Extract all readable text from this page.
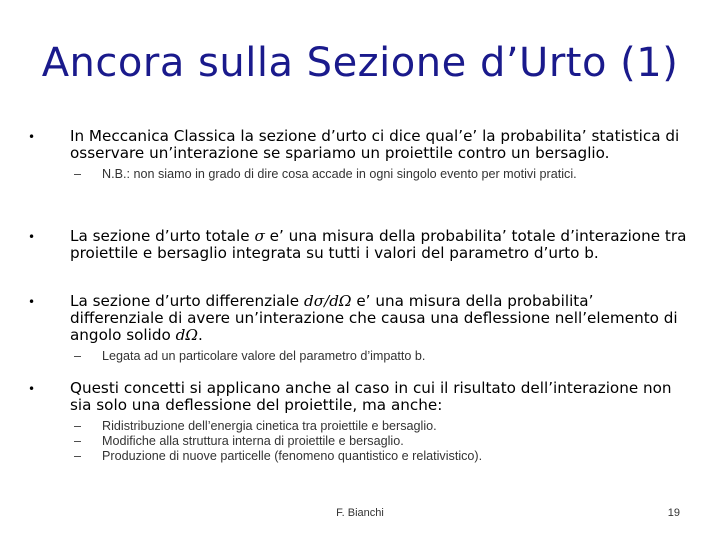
Ancora sulla Sezione d’Urto (1)
• In Meccanica Classica la sezione d’urto ci dice qual’e’ la probabilita’ statistica di osservare un’interazione se spariamo un proiettile contro un bersaglio.
– N.B.: non siamo in grado di dire cosa accade in ogni singolo evento per motivi pratici.
• La sezione d’urto totale σ e’ una misura della probabilita’ totale d’interazione tra proiettile e bersaglio integrata su tutti i valori del parametro d’urto b.
• La sezione d’urto differenziale dσ/dΩ e’ una misura della probabilita’ differenziale di avere un’interazione che causa una deflessione nell’elemento di angolo solido dΩ.
– Legata ad un particolare valore del parametro d’impatto b.
• Questi concetti si applicano anche al caso in cui il risultato dell’interazione non sia solo una deflessione del proiettile, ma anche:
– Ridistribuzione dell’energia cinetica tra proiettile e bersaglio.
– Modifiche alla struttura interna di proiettile e bersaglio.
– Produzione di nuove particelle (fenomeno quantistico e relativistico).
F. Bianchi	19
